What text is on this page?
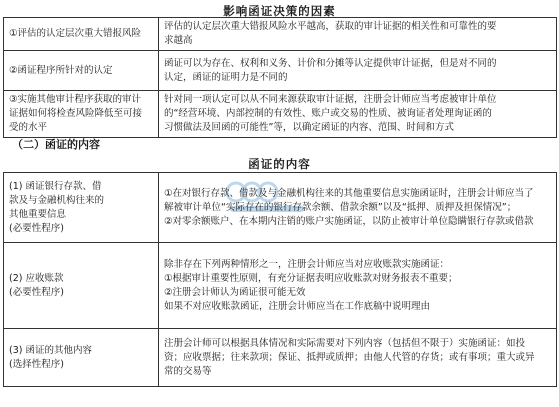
影响函证决策的因素
①评估的认定层次重大错报风险	评估的认定层次重大错报风险水平越高，获取的审计证据的相关性和可靠性的要
求越高

②函证程序所针对的认定	函证可以为存在、权利和义务、计价和分摊等认定提供审计证据，但是对不同的
认定，函证的证明力是不同的

③实施其他审计程序获取的审计
证据如何将检查风险降低至可接
受的水平	针对同一项认定可以从不同来源获取审计证据，注册会计师应当考虑被审计单位
的“经营环境、内部控制的有效性、账户或交易的性质、被询证者处理询证函的
习惯做法及回函的可能性”等，以确定函证的内容、范围、时间和方式
（二）函证的内容
函证的内容
(1) 函证银行存款、借
款及与金融机构往来的
其他重要信息
(必要性程序)	①在对银行存款、借款及与金融机构往来的其他重要信息实施函证时，注册会计师应当了
解被审计单位“实际存在的银行存款余额、借款余额”以及“抵押、质押及担保情况”；
②对零余额账户、在本期内注销的账户实施函证，以防止被审计单位隐瞒银行存款或借款

(2) 应收账款
(必要性程序)	除非存在下列两种情形之一，注册会计师应当对应收账款实施函证：
①根据审计重要性原则，有充分证据表明应收账款对财务报表不重要；
②注册会计师认为函证很可能无效
如果不对应收账款函证，注册会计师应当在工作底稿中说明理由

(3) 函证的其他内容
(选择性程序)	注册会计师可以根据具体情况和实际需要对下列内容（包括但不限于）实施函证：如投
资；应收票据；往来款项；保证、抵押或质押；由他人代管的存货；或有事项；重大或异
常的交易等
